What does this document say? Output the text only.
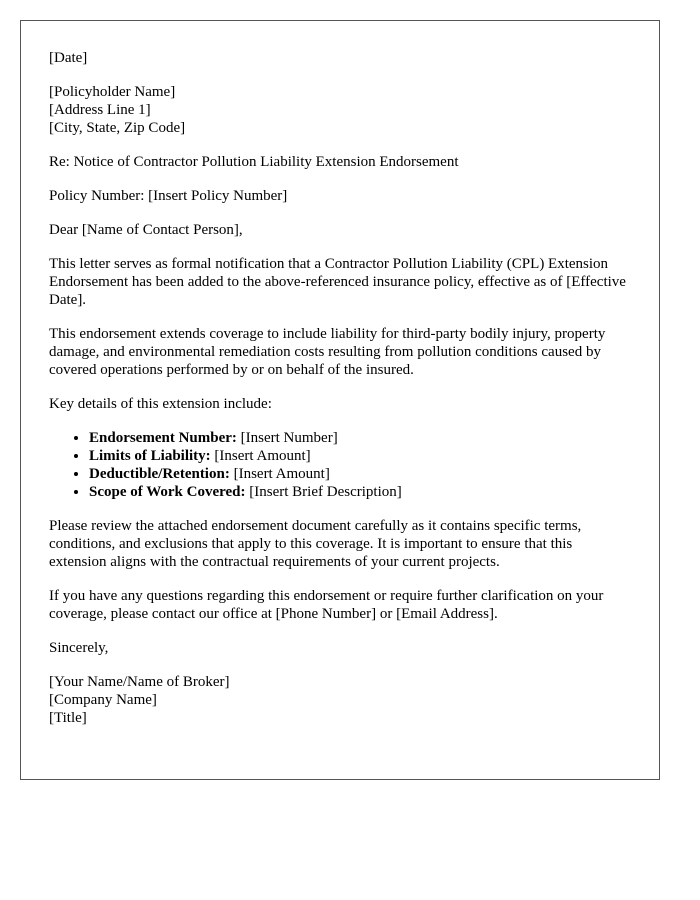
[Date]

[Policyholder Name]
[Address Line 1]
[City, State, Zip Code]

Re: Notice of Contractor Pollution Liability Extension Endorsement

Policy Number: [Insert Policy Number]

Dear [Name of Contact Person],

This letter serves as formal notification that a Contractor Pollution Liability (CPL) Extension Endorsement has been added to the above-referenced insurance policy, effective as of [Effective Date].

This endorsement extends coverage to include liability for third-party bodily injury, property damage, and environmental remediation costs resulting from pollution conditions caused by covered operations performed by or on behalf of the insured.

Key details of this extension include:

• Endorsement Number: [Insert Number]
• Limits of Liability: [Insert Amount]
• Deductible/Retention: [Insert Amount]
• Scope of Work Covered: [Insert Brief Description]

Please review the attached endorsement document carefully as it contains specific terms, conditions, and exclusions that apply to this coverage. It is important to ensure that this extension aligns with the contractual requirements of your current projects.

If you have any questions regarding this endorsement or require further clarification on your coverage, please contact our office at [Phone Number] or [Email Address].

Sincerely,

[Your Name/Name of Broker]
[Company Name]
[Title]
